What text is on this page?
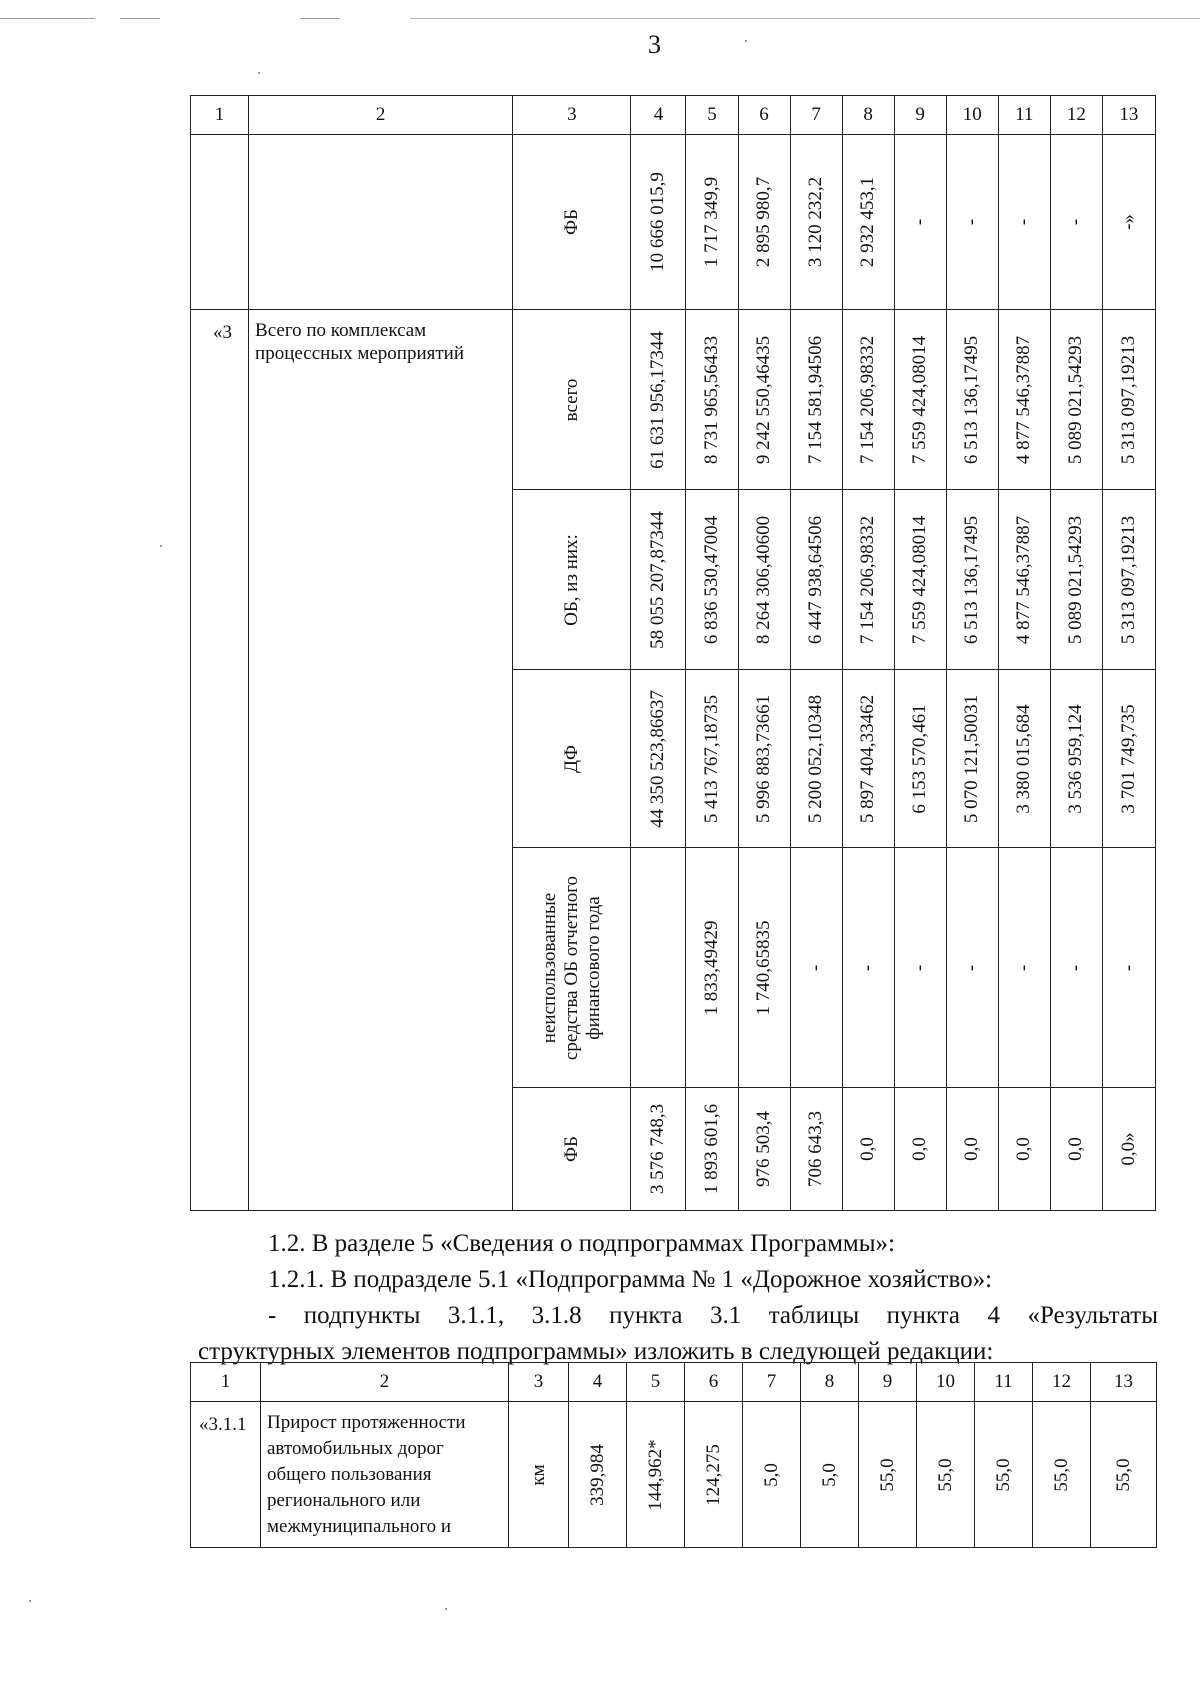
3
1	2	3	4	5	6	7	8	9	10	11	12	13

		ФБ	10 666 015,9	1 717 349,9	2 895 980,7	3 120 232,2	2 932 453,1	-	-	-	-	-»

«3	Всего по комплексам процессных мероприятий	всего	61 631 956,17344	8 731 965,56433	9 242 550,46435	7 154 581,94506	7 154 206,98332	7 559 424,08014	6 513 136,17495	4 877 546,37887	5 089 021,54293	5 313 097,19213

		ОБ, из них:	58 055 207,87344	6 836 530,47004	8 264 306,40600	6 447 938,64506	7 154 206,98332	7 559 424,08014	6 513 136,17495	4 877 546,37887	5 089 021,54293	5 313 097,19213

		ДФ	44 350 523,86637	5 413 767,18735	5 996 883,73661	5 200 052,10348	5 897 404,33462	6 153 570,461	5 070 121,50031	3 380 015,684	3 536 959,124	3 701 749,735

		неиспользованные средства ОБ отчетного финансового года		1 833,49429	1 740,65835	-	-	-	-	-	-	-

		ФБ	3 576 748,3	1 893 601,6	976 503,4	706 643,3	0,0	0,0	0,0	0,0	0,0	0,0»
1.2. В разделе 5 «Сведения о подпрограммах Программы»:
1.2.1. В подразделе 5.1 «Подпрограмма № 1 «Дорожное хозяйство»:
- подпункты 3.1.1, 3.1.8 пункта 3.1 таблицы пункта 4 «Результаты
структурных элементов подпрограммы» изложить в следующей редакции:
1	2	3	4	5	6	7	8	9	10	11	12	13

«3.1.1	Прирост протяженности автомобильных дорог общего пользования регионального или межмуниципального и	км	339,984	144,962*	124,275	5,0	5,0	55,0	55,0	55,0	55,0	55,0
